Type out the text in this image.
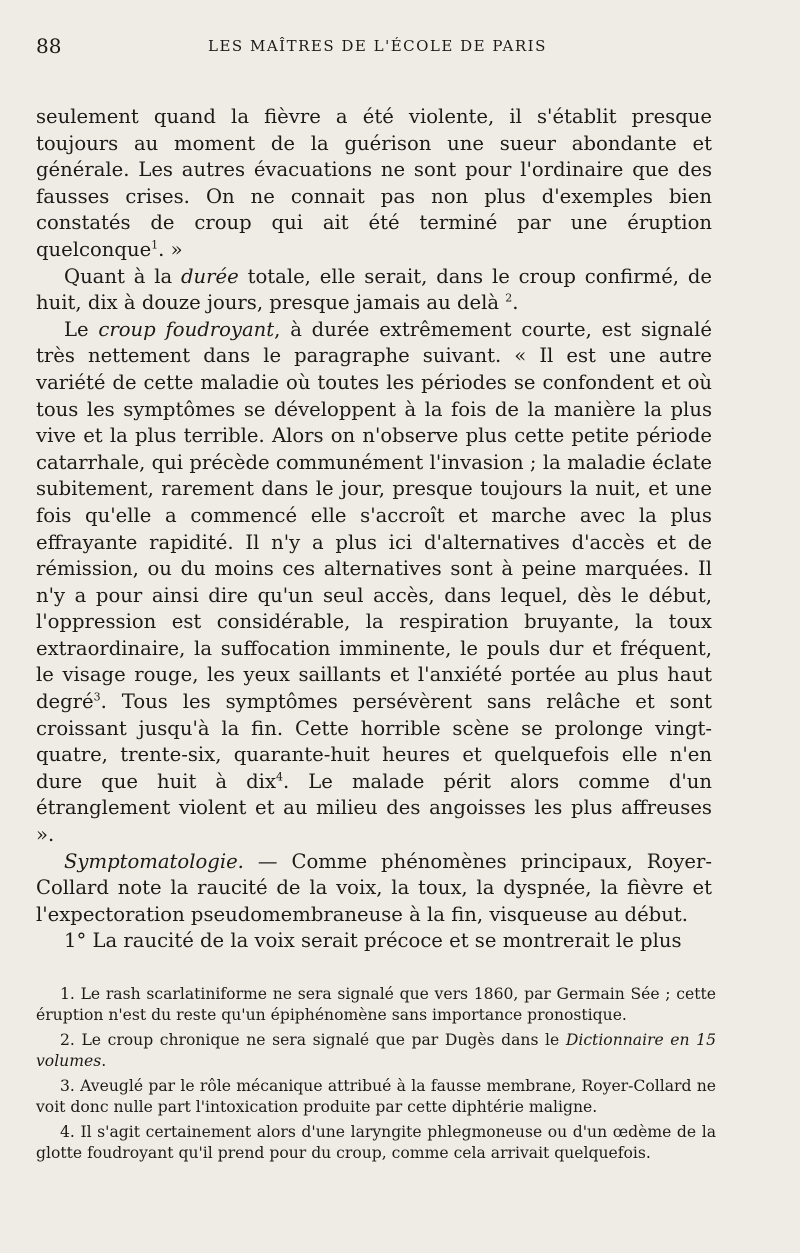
88	LES MAÎTRES DE L'ÉCOLE DE PARIS

seulement quand la fièvre a été violente, il s'établit presque toujours au moment de la guérison une sueur abondante et générale. Les autres évacuations ne sont pour l'ordinaire que des fausses crises. On ne connait pas non plus d'exemples bien constatés de croup qui ait été terminé par une éruption quelconque$^1$. »

Quant à la durée totale, elle serait, dans le croup confirmé, de huit, dix à douze jours, presque jamais au delà $^2$.

Le croup foudroyant, à durée extrêmement courte, est signalé très nettement dans le paragraphe suivant. « Il est une autre variété de cette maladie où toutes les périodes se confondent et où tous les symptômes se développent à la fois de la manière la plus vive et la plus terrible. Alors on n'observe plus cette petite période catarrhale, qui précède communément l'invasion ; la maladie éclate subitement, rarement dans le jour, presque toujours la nuit, et une fois qu'elle a commencé elle s'accroît et marche avec la plus effrayante rapidité. Il n'y a plus ici d'alternatives d'accès et de rémission, ou du moins ces alternatives sont à peine marquées. Il n'y a pour ainsi dire qu'un seul accès, dans lequel, dès le début, l'oppression est considérable, la respiration bruyante, la toux extraordinaire, la suffocation imminente, le pouls dur et fréquent, le visage rouge, les yeux saillants et l'anxiété portée au plus haut degré$^3$. Tous les symptômes persévèrent sans relâche et sont croissant jusqu'à la fin. Cette horrible scène se prolonge vingt-quatre, trente-six, quarante-huit heures et quelquefois elle n'en dure que huit à dix$^4$. Le malade périt alors comme d'un étranglement violent et au milieu des angoisses les plus affreuses ».

Symptomatologie. — Comme phénomènes principaux, Royer-Collard note la raucité de la voix, la toux, la dyspnée, la fièvre et l'expectoration pseudomembraneuse à la fin, visqueuse au début.

1° La raucité de la voix serait précoce et se montrerait le plus

1. Le rash scarlatiniforme ne sera signalé que vers 1860, par Germain Sée ; cette éruption n'est du reste qu'un épiphénomène sans importance pronostique.

2. Le croup chronique ne sera signalé que par Dugès dans le Dictionnaire en 15 volumes.

3. Aveuglé par le rôle mécanique attribué à la fausse membrane, Royer-Collard ne voit donc nulle part l'intoxication produite par cette diphtérie maligne.

4. Il s'agit certainement alors d'une laryngite phlegmoneuse ou d'un œdème de la glotte foudroyant qu'il prend pour du croup, comme cela arrivait quelquefois.
